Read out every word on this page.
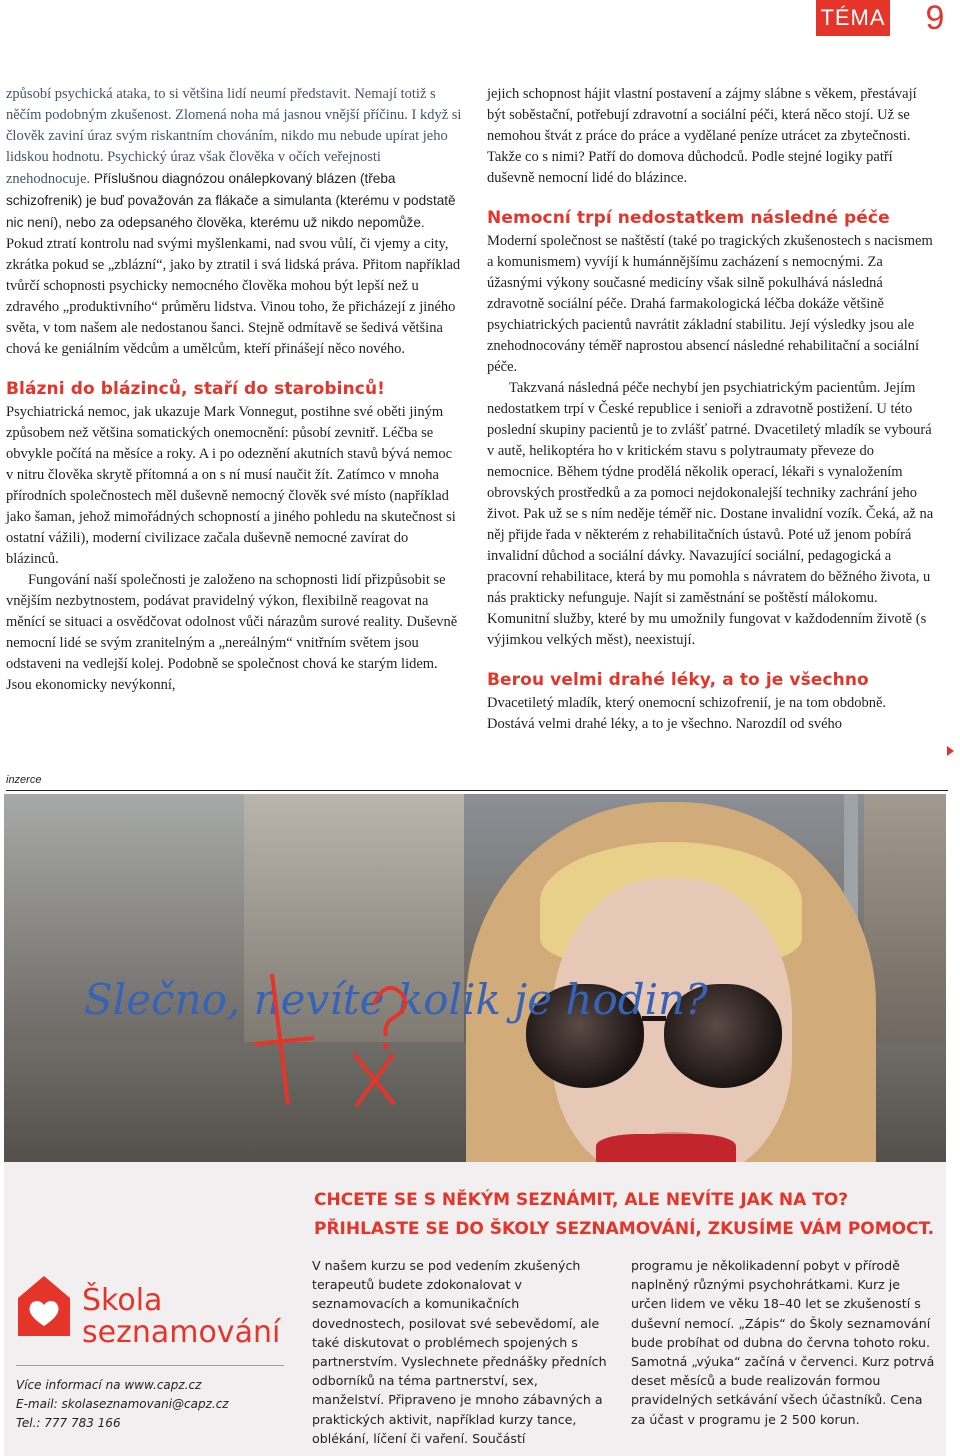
TÉMA	9

způsobí psychická ataka, to si většina lidí neumí představit. Nemají totiž s něčím podobným zkušenost. Zlomená noha má jasnou vnější příčinu. I když si člověk zaviní úraz svým riskantním chováním, nikdo mu nebude upírat jeho lidskou hodnotu. Psychický úraz však člověka v očích veřejnosti znehodnocuje. Příslušnou diagnózou onálepkovaný blázen (třeba schizofrenik) je buď považován za flákače a simulanta (kterému v podstatě nic není), nebo za odepsaného člověka, kterému už nikdo nepomůže. Pokud ztratí kontrolu nad svými myšlenkami, nad svou vůlí, či vjemy a city, zkrátka pokud se „zblázní“, jako by ztratil i svá lidská práva. Přitom například tvůrčí schopnosti psychicky nemocného člověka mohou být lepší než u zdravého „produktivního“ průměru lidstva. Vinou toho, že přicházejí z jiného světa, v tom našem ale nedostanou šanci. Stejně odmítavě se šedivá většina chová ke geniálním vědcům a umělcům, kteří přinášejí něco nového.

Blázni do blázinců, staří do starobinců!

Psychiatrická nemoc, jak ukazuje Mark Vonnegut, postihne své oběti jiným způsobem než většina somatických onemocnění: působí zevnitř. Léčba se obvykle počítá na měsíce a roky. A i po odeznění akutních stavů bývá nemoc v nitru člověka skrytě přítomná a on s ní musí naučit žít. Zatímco v mnoha přírodních společnostech měl duševně nemocný člověk své místo (například jako šaman, jehož mimořádných schopností a jiného pohledu na skutečnost si ostatní vážili), moderní civilizace začala duševně nemocné zavírat do blázinců.

Fungování naší společnosti je založeno na schopnosti lidí přizpůsobit se vnějším nezbytnostem, podávat pravidelný výkon, flexibilně reagovat na měnící se situaci a osvědčovat odolnost vůči nárazům surové reality. Duševně nemocní lidé se svým zranitelným a „nereálným“ vnitřním světem jsou odstaveni na vedlejší kolej. Podobně se společnost chová ke starým lidem. Jsou ekonomicky nevýkonní,

jejich schopnost hájit vlastní postavení a zájmy slábne s věkem, přestávají být soběstační, potřebují zdravotní a sociální péči, která něco stojí. Už se nemohou štvát z práce do práce a vydělané peníze utrácet za zbytečnosti. Takže co s nimi? Patří do domova důchodců. Podle stejné logiky patří duševně nemocní lidé do blázince.

Nemocní trpí nedostatkem následné péče

Moderní společnost se naštěstí (také po tragických zkušenostech s nacismem a komunismem) vyvíjí k humánnějšímu zacházení s nemocnými. Za úžasnými výkony současné medicíny však silně pokulhává následná zdravotně sociální péče. Drahá farmakologická léčba dokáže většině psychiatrických pacientů navrátit základní stabilitu. Její výsledky jsou ale znehodnocovány téměř naprostou absencí následné rehabilitační a sociální péče.

Takzvaná následná péče nechybí jen psychiatrickým pacientům. Jejím nedostatkem trpí v České republice i senioři a zdravotně postižení. U této poslední skupiny pacientů je to zvlášť patrné. Dvacetiletý mladík se vybourá v autě, helikoptéra ho v kritickém stavu s polytraumaty převeze do nemocnice. Během týdne prodělá několik operací, lékaři s vynaložením obrovských prostředků a za pomoci nejdokonalejší techniky zachrání jeho život. Pak už se s ním neděje téměř nic. Dostane invalidní vozík. Čeká, až na něj přijde řada v některém z rehabilitačních ústavů. Poté už jenom pobírá invalidní důchod a sociální dávky. Navazující sociální, pedagogická a pracovní rehabilitace, která by mu pomohla s návratem do běžného života, u nás prakticky nefunguje. Najít si zaměstnání se poštěstí málokomu. Komunitní služby, které by mu umožnily fungovat v každodenním životě (s výjimkou velkých měst), neexistují.

Berou velmi drahé léky, a to je všechno

Dvacetiletý mladík, který onemocní schizofrenií, je na tom obdobně. Dostává velmi drahé léky, a to je všechno. Narozdíl od svého

inzerce
Slečno, nevíte kolik je hodin?

CHCETE SE S NĚKÝM SEZNÁMIT, ALE NEVÍTE JAK NA TO?
PŘIHLASTE SE DO ŠKOLY SEZNAMOVÁNÍ, ZKUSÍME VÁM POMOCT.

Škola
seznamování
Více informací na www.capz.cz
E-mail: skolaseznamovani@capz.cz
Tel.: 777 783 166

V našem kurzu se pod vedením zkušených terapeutů budete zdokonalovat v seznamovacích a komunikačních dovednostech, posilovat své sebevědomí, ale také diskutovat o problémech spojených s partnerstvím. Vyslechnete přednášky předních odborníků na téma partnerství, sex, manželství. Připraveno je mnoho zábavných a praktických aktivit, například kurzy tance, oblékání, líčení či vaření. Součástí

programu je několikadenní pobyt v přírodě naplněný různými psychohrátkami. Kurz je určen lidem ve věku 18–40 let se zkušeností s duševní nemocí. „Zápis“ do Školy seznamování bude probíhat od dubna do června tohoto roku. Samotná „výuka“ začíná v červenci. Kurz potrvá deset měsíců a bude realizován formou pravidelných setkávání všech účastníků. Cena za účast v programu je 2 500 korun.
